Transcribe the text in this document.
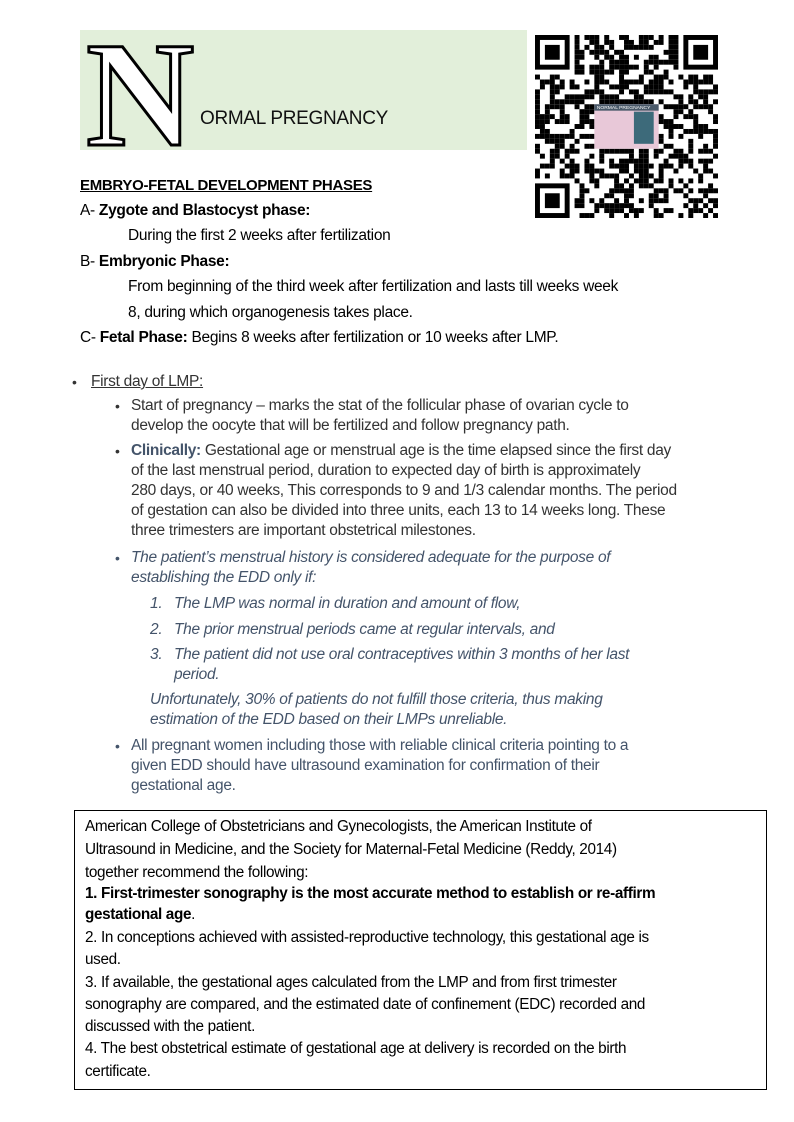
N ORMAL PREGNANCY	NORMAL PREGNANCY
EMBRYO-FETAL DEVELOPMENT PHASES
A- Zygote and Blastocyst phase:
During the first 2 weeks after fertilization
B- Embryonic Phase:
From beginning of the third week after fertilization and lasts till weeks week
8, during which organogenesis takes place.
C- Fetal Phase: Begins 8 weeks after fertilization or 10 weeks after LMP.
• First day of LMP:
• Start of pregnancy – marks the stat of the follicular phase of ovarian cycle to
develop the oocyte that will be fertilized and follow pregnancy path.
• Clinically: Gestational age or menstrual age is the time elapsed since the first day
of the last menstrual period, duration to expected day of birth is approximately
280 days, or 40 weeks, This corresponds to 9 and 1/3 calendar months. The period
of gestation can also be divided into three units, each 13 to 14 weeks long. These
three trimesters are important obstetrical milestones.
• The patient’s menstrual history is considered adequate for the purpose of
establishing the EDD only if:
1. The LMP was normal in duration and amount of flow,
2. The prior menstrual periods came at regular intervals, and
3. The patient did not use oral contraceptives within 3 months of her last
period.
Unfortunately, 30% of patients do not fulfill those criteria, thus making
estimation of the EDD based on their LMPs unreliable.
• All pregnant women including those with reliable clinical criteria pointing to a
given EDD should have ultrasound examination for confirmation of their
gestational age.
American College of Obstetricians and Gynecologists, the American Institute of
Ultrasound in Medicine, and the Society for Maternal-Fetal Medicine (Reddy, 2014)
together recommend the following:
1. First-trimester sonography is the most accurate method to establish or re-affirm
gestational age.
2. In conceptions achieved with assisted-reproductive technology, this gestational age is
used.
3. If available, the gestational ages calculated from the LMP and from first trimester
sonography are compared, and the estimated date of confinement (EDC) recorded and
discussed with the patient.
4. The best obstetrical estimate of gestational age at delivery is recorded on the birth
certificate.
